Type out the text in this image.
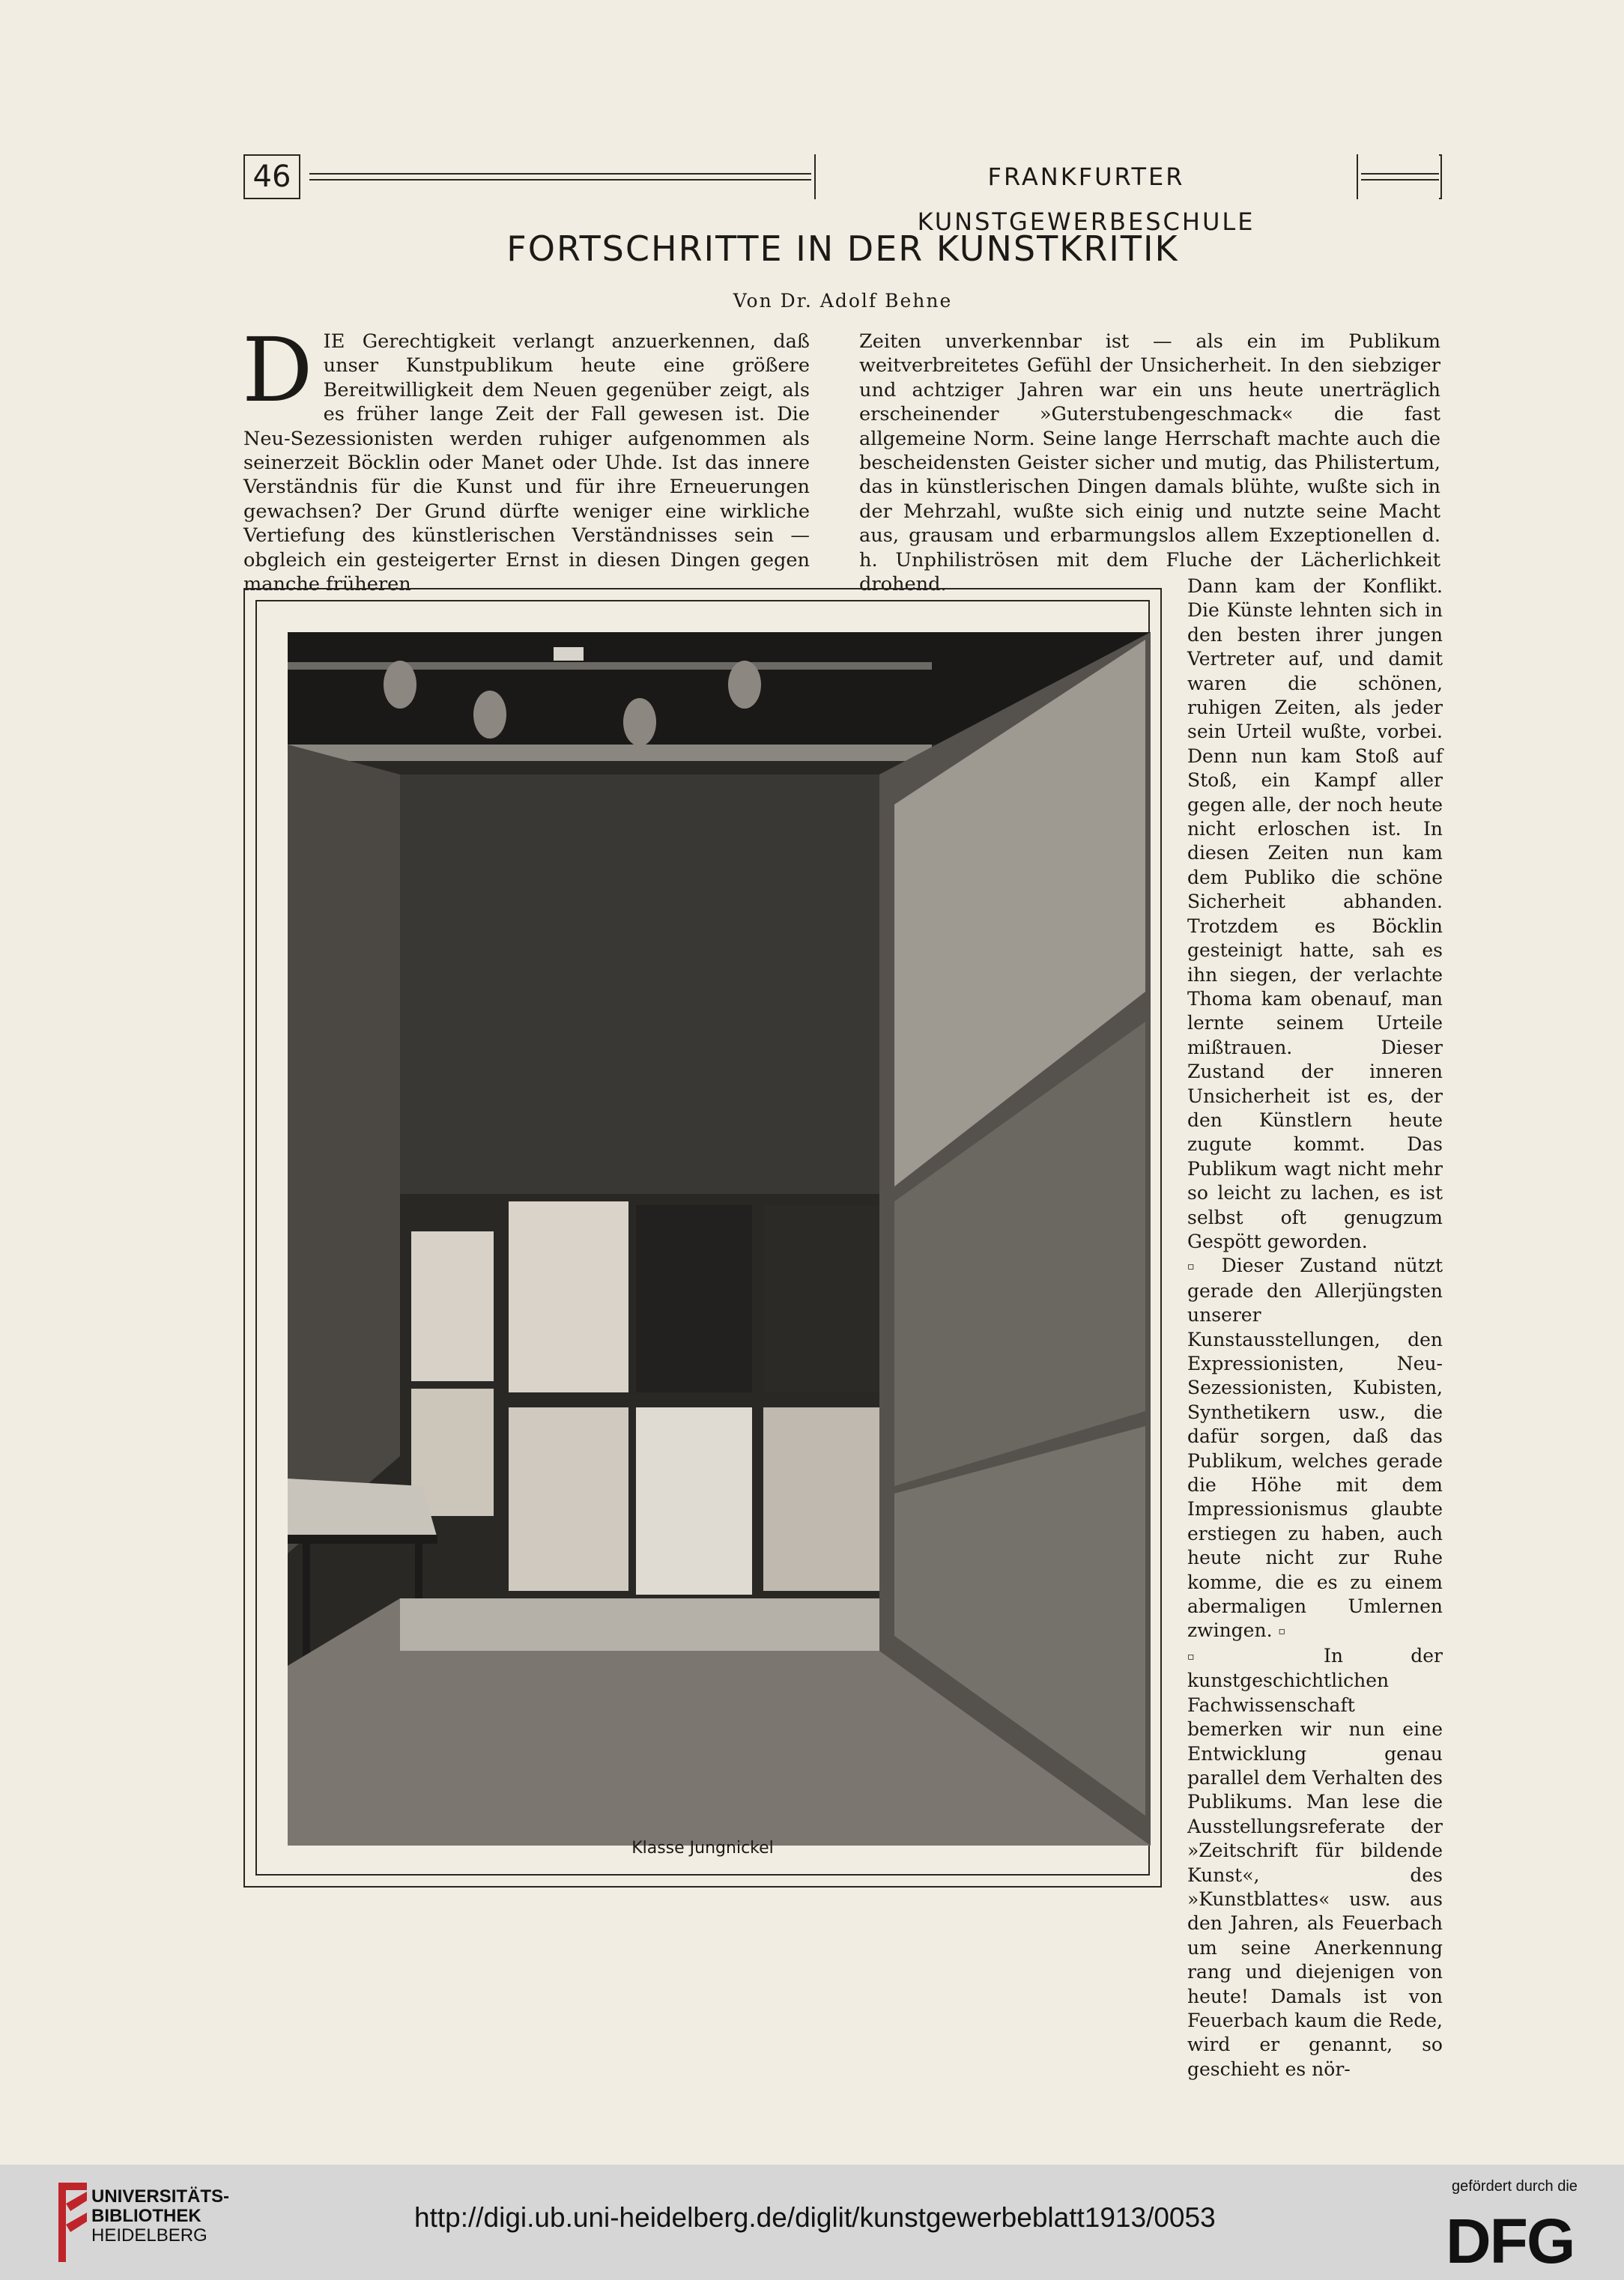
46	FRANKFURTER KUNSTGEWERBESCHULE
FORTSCHRITTE IN DER KUNSTKRITIK
Von Dr. Adolf Behne

DIE Gerechtigkeit verlangt anzuerkennen, daß unser Kunstpublikum heute eine größere Bereitwilligkeit dem Neuen gegenüber zeigt, als es früher lange Zeit der Fall gewesen ist. Die Neu-Sezessionisten werden ruhiger aufgenommen als seinerzeit Böcklin oder Manet oder Uhde. Ist das innere Verständnis für die Kunst und für ihre Erneuerungen gewachsen? Der Grund dürfte weniger eine wirkliche Vertiefung des künstlerischen Verständnisses sein — obgleich ein gesteigerter Ernst in diesen Dingen gegen manche früheren

Zeiten unverkennbar ist — als ein im Publikum weitverbreitetes Gefühl der Unsicherheit. In den siebziger und achtziger Jahren war ein uns heute unerträglich erscheinender »Guterstubengeschmack« die fast allgemeine Norm. Seine lange Herrschaft machte auch die bescheidensten Geister sicher und mutig, das Philistertum, das in künstlerischen Dingen damals blühte, wußte sich in der Mehrzahl, wußte sich einig und nutzte seine Macht aus, grausam und erbarmungslos allem Exzeptionellen d. h. Unphiliströsen mit dem Fluche der Lächerlichkeit drohend.	Dann kam der Konflikt. Die Künste lehnten sich in den besten ihrer jungen Vertreter auf, und damit waren die schönen, ruhigen Zeiten, als jeder sein Urteil wußte, vorbei. Denn nun kam Stoß auf Stoß, ein Kampf aller gegen alle, der noch heute nicht erloschen ist. In diesen Zeiten nun kam dem Publiko die schöne Sicherheit abhanden. Trotzdem es Böcklin gesteinigt hatte, sah es ihn siegen, der verlachte Thoma kam obenauf, man lernte seinem Urteile mißtrauen. Dieser Zustand der inneren Unsicherheit ist es, der den Künstlern heute zugute kommt. Das Publikum wagt nicht mehr so leicht zu lachen, es ist selbst oft genugzum Gespött geworden.

▫ Dieser Zustand nützt gerade den Allerjüngsten unserer Kunstausstellungen, den Expressionisten, Neu-Sezessionisten, Kubisten, Synthetikern usw., die dafür sorgen, daß das Publikum, welches gerade die Höhe mit dem Impressionismus glaubte erstiegen zu haben, auch heute nicht zur Ruhe komme, die es zu einem abermaligen Umlernen zwingen. ▫

▫	In der kunstgeschichtlichen Fachwissenschaft bemerken wir nun eine Entwicklung genau parallel dem Verhalten des Publikums. Man lese die Ausstellungsreferate der »Zeitschrift für bildende Kunst«, des »Kunstblattes« usw. aus den Jahren, als Feuerbach um seine Anerkennung rang und diejenigen von heute! Damals ist von Feuerbach kaum die Rede, wird er genannt, so geschieht es nör-

Klasse Jungnickel
UNIVERSITÄTS-
BIBLIOTHEK
HEIDELBERG
http://digi.ub.uni-heidelberg.de/diglit/kunstgewerbeblatt1913/0053
gefördert durch die
DFG
